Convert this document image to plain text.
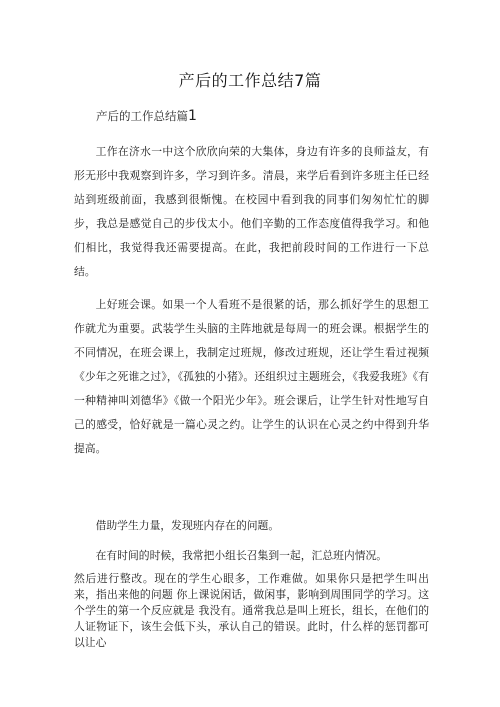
产后的工作总结7篇
产后的工作总结篇1

工作在济水一中这个欣欣向荣的大集体，身边有许多的良师益友，有形无形中我观察到许多，学习到许多。清晨，来学后看到许多班主任已经站到班级前面，我感到很惭愧。在校园中看到我的同事们匆匆忙忙的脚步，我总是感觉自己的步伐太小。他们辛勤的工作态度值得我学习。和他们相比，我觉得我还需要提高。在此，我把前段时间的工作进行一下总结。

上好班会课。如果一个人看班不是很紧的话，那么抓好学生的思想工作就尤为重要。武装学生头脑的主阵地就是每周一的班会课。根据学生的不同情况，在班会课上，我制定过班规，修改过班规，还让学生看过视频《少年之死谁之过》，《孤独的小猪》。还组织过主题班会，《我爱我班》《有一种精神叫刘德华》《做一个阳光少年》。班会课后，让学生针对性地写自己的感受，恰好就是一篇心灵之约。让学生的认识在心灵之约中得到升华提高。

借助学生力量，发现班内存在的问题。

在有时间的时候，我常把小组长召集到一起，汇总班内情况。

然后进行整改。现在的学生心眼多，工作难做。如果你只是把学生叫出来，指出来他的问题 你上课说闲话，做闲事，影响到周围同学的学习。这个学生的第一个反应就是 我没有。通常我总是叫上班长，组长，在他们的人证物证下，该生会低下头，承认自己的错误。此时，什么样的惩罚都可以让心
